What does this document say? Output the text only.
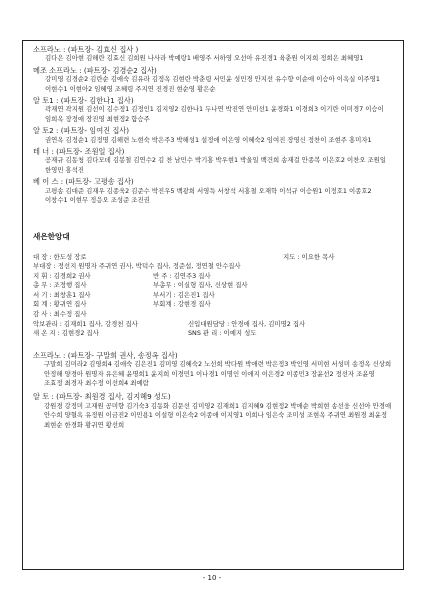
소프라노 : (파트장- 김효신 집사 )
김다은 김아현 김해란 김효신 김희원 나사라 박예랑1 배영주 서하영 오선아 유진경1 육춘원 이지희 정희은 최혜영1
메조 소프라노 : (파트장- 김경순2 집사)
강미영 김경순2 김란순 김애숙 김유라 김정옥 김현란 박춘령 서민윤 성민경 안지선 유수향 이순애 이승아 이옥실 이주영1 이현수1 이현아2 임혜영 조혜령 주지연 진경진 현순영 황은순
알 토1 : (파트장- 김한나1 집사)
곽재연 곽지원 김선이 김수정1 김정인1 김지영2 김한나1 두나연 박진연 안미선1 윤경화1 이경희3 이기란 이미경7 이승이 임희옥 장정애 장진영 최현정2 함승주
알 토2 : (파트장- 임여진 집사)
권연옥 김정순1 김정명 김해련 노현숙 박은주3 박해성1 설정애 이은영 이혜숙2 임여진 장영신 정찬이 조현주 홍미자1
테 너 : (파트장- 조원일 집사)
공재규 김동청 김다모데 김봉철 김연수2 김 찬 남민수 박기홍 박우현1 박울일 백건희 송재걸 안종복 이은호2 이찬오 조원일 한영민 홍석진
베 이 스 : (파트장- 고평송 집사)
고평송 김대준 김재우 김종욱2 김준수 박진우5 백광희 서영득 서창석 서홍철 오재학 이석규 이승원1 이정호1 이종호2 이창수1 이현무 정응오 조성준 조진권
새은한앙대
대 장 : 한도성 장로	지도 : 이요한 목사
부대장 : 정선지 원명자 주귀연 권사, 박덕수 집사, 정준섭, 정연철 안수집사
지 휘 : 김경희2 권사	반 주 : 김연주3 집사
총 무 : 조정행 집사	부총무 : 이실형 집사, 신상현 집사
서 기 : 최창훈1 집사	부서기 : 김은진1 집사
회 계 : 황귀연 집사	부회계 : 강현경 집사
감 사 : 최수정 집사
악보관리 : 김재희1 집사, 강경천 집사	신입대원담당 : 안경애 집사, 김미명2 집사
새 온 지 : 김현경2 집사	SNS 관 리 : 이예지 성도
소프라노 : (파트장- 구말희 권사, 송정옥 집사)
구말희 김미라2 김영희4 김애숙 김은진1 김미영 김혜숙2 노선희 박다원 박애련 박은정3 박인영 서미현 서성미 송정옥 신상희 안정해 양경아 원명자 유은혜 윤명희1 윤지희 이경민1 이나경1 이명인 이애지 이은경2 이종민3 장윤선2 정선자 조윤영 조효정 최경자 최수정 이선희4 최예람
알 토 : (파트장- 최원경 집사, 김지혜9 성도)
강원경 강정미 고재원 공미향 김기숙3 김동화 김문선 김미영2 김재희1 김지혜9 김현정2 박애순 박희현 송선웅 신선아 안경애 안수희 양혈옥 유정원 이금진2 이민용1 이설형 이은숙2 이종애 이지영1 이희나 임은숙 조미성 조현옥 주귀연 최원경 최윤정 최현순 한경화 황귀연 황선희
- 10 -
